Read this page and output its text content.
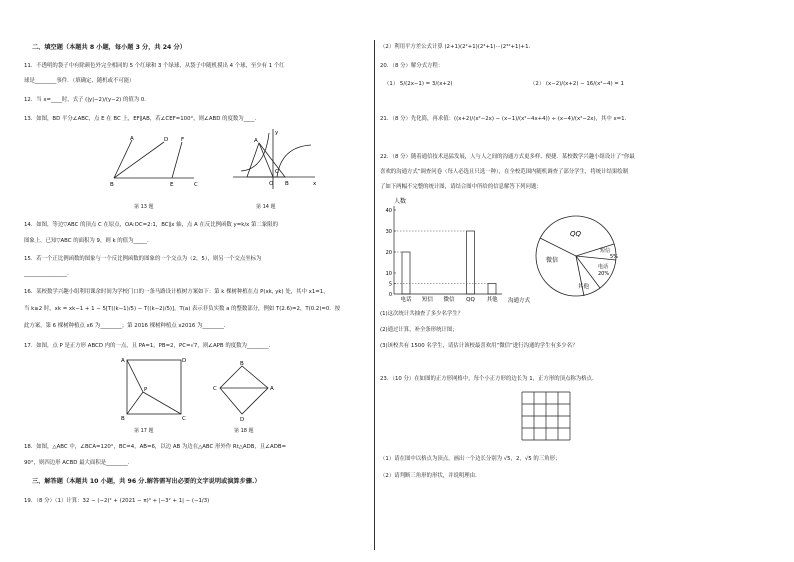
二、填空题（本题共 8 小题，每小题 3 分，共 24 分）
11．不透明的袋子中有除颜色外完全相同的 5 个红球和 3 个绿球，从袋子中随机摸出 4 个球，至少有 1 个红
球是________事件．（填确定、随机或不可能）
12．当 x=____时，式子 (|y|−2)/(y−2) 的值为 0.
13．如图，BD 平分∠ABC，点 E 在 BC 上，EF∥AB，若∠CEF=100°，则∠ABD 的度数为____.
A	D F
B	E	C
y
A
C
O B	x
第 13 题	第 14 题
14．如图，等边▽ABC 的顶点 C 在原点，OA:OC=2:1，BC∥x 轴，点 A 在反比例函数 y=k/x 第二象限的
图象上，已知▽ABC 的面积为 9，则 k 的值为_____.
15．若一个正比例函数的图象与一个反比例函数的图象的一个交点为（2，5），则另一个交点坐标为
________________.
16．某校数学兴趣小组利用课余时间为学校门口的一条马路设计植树方案如下：第 k 棵树种植在点 P(xk, yk) 处，其中 x1=1，
当 k≥2 时，xk = xk−1 + 1 − 5[T((k−1)/5) − T((k−2)/5)]，T(a) 表示非负实数 a 的整数部分，例如 T(2.6)=2，T(0.2)=0．按
此方案，第 6 棵树种植点 x6 为________；第 2016 棵树种植点 x2016 为________.
17．如图，点 P 是正方形 ABCD 内的一点，且 PA=1，PB=2，PC=√7，则∠APB 的度数为________.
A	D
P
B	C
B
C	A
D
第 17 题	第 18 题
18．如图，△ABC 中，∠BCA=120°，BC=4，AB=6，以边 AB 为边在△ABC 形外作 Rt△ADB，且∠ADB=
90°，则四边形 ACBD 最大面积是________.
三、解答题（本题共 10 小题，共 96 分.解答需写出必要的文字说明或演算步骤.）
19．（8 分）（1）计算：32 − (−2)² + (2021 − π)⁰ + |−3² + 1| − (−1/3)
（2）利用平方差公式计算 (2+1)(2²+1)(2⁴+1)···(2³²+1)+1.
20．（8 分）解分式方程：
（1） 5/(2x−1) = 3/(x+2)	（2） (x−2)/(x+2) − 16/(x²−4) = 1
21．（8 分）先化简，再求值：((x+2)/(x²−2x) − (x−1)/(x²−4x+4)) ÷ (x−4)/(x²−2x)，其中 x=1.
22．（8 分）随着通信技术迅猛发展，人与人之间的沟通方式更多样、便捷．某校数学兴趣小组设计了“你最
喜欢的沟通方式”调查问卷（每人必选且只选一种），在全校范围内随机调查了部分学生，将统计结果绘制
了如下两幅不完整的统计图，请结合图中所给的信息解答下列问题：
人数
沟通方式
0
5
10
20
30
40
电话 短信 微信 QQ 其他
QQ
短信
5%
电话
20%
其他
微信
(1)这次统计共抽查了多少名学生？
(2)通过计算，补全条形统计图；
(3)该校共有 1500 名学生，请估计该校最喜欢用“微信”进行沟通的学生有多少名？
23．（10 分）在如图的正方形网格中，每个小正方形的边长为 1，正方形的顶点称为格点.
（1）请在图中以格点为顶点，画出一个边长分别为 √5，2，√5 的三角形；
（2）请判断三角形的形状，并说明理由.
